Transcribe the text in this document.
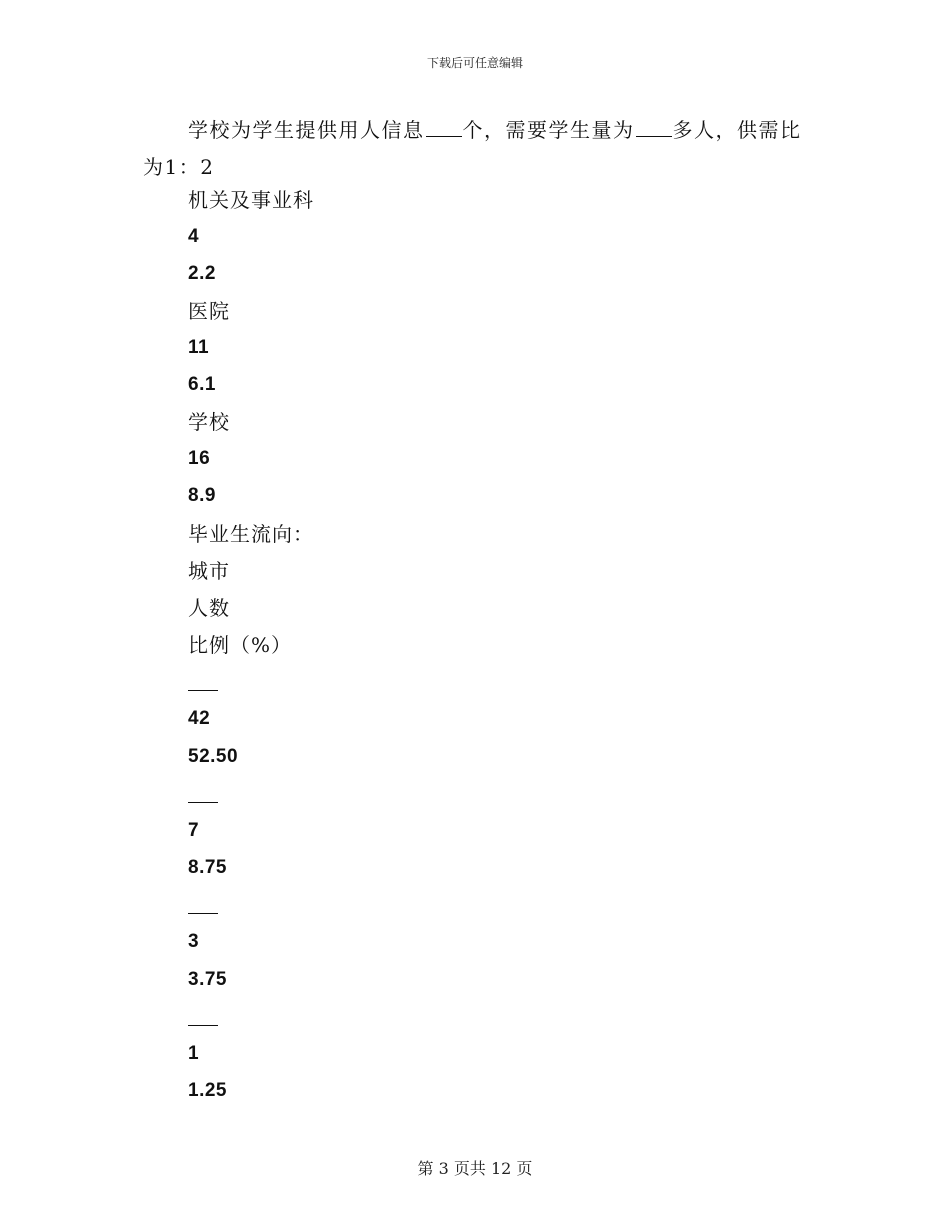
下载后可任意编辑
学校为学生提供用人信息 个，需要学生量为 多人，供需比为1：2
机关及事业科
4
2.2
医院
11
6.1
学校
16
8.9
毕业生流向：
城市
人数
比例（%）
42
52.50
7
8.75
3
3.75
1
1.25
第 3 页共 12 页
